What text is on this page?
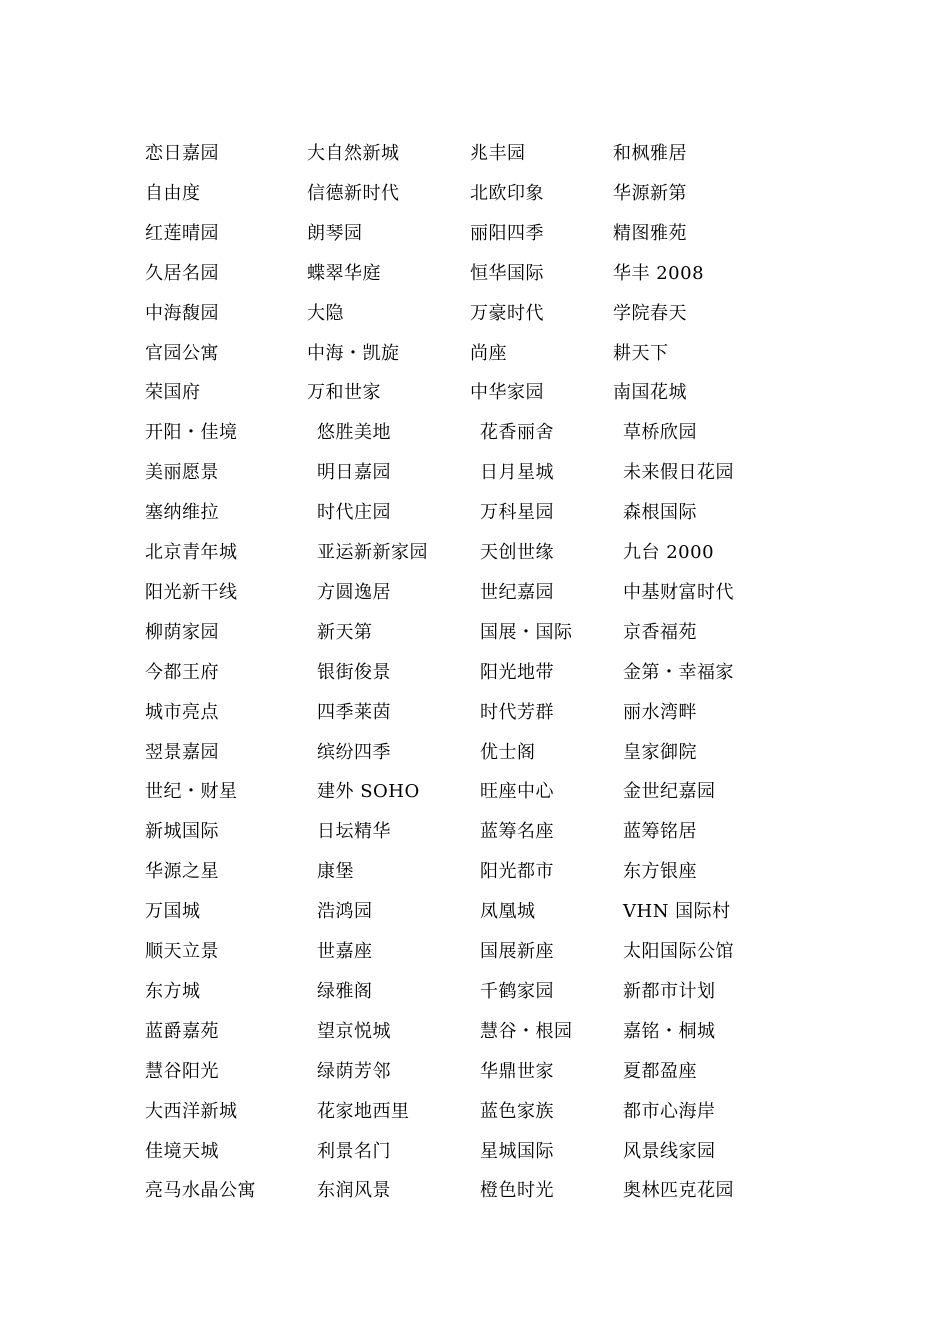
恋日嘉园	大自然新城	兆丰园	和枫雅居
自由度	信德新时代	北欧印象	华源新第
红莲晴园	朗琴园	丽阳四季	精图雅苑
久居名园	蝶翠华庭	恒华国际	华丰 2008
中海馥园	大隐	万豪时代	学院春天
官园公寓	中海・凯旋	尚座	耕天下
荣国府	万和世家	中华家园	南国花城
开阳・佳境	悠胜美地	花香丽舍	草桥欣园
美丽愿景	明日嘉园	日月星城	未来假日花园
塞纳维拉	时代庄园	万科星园	森根国际
北京青年城	亚运新新家园	天创世缘	九台 2000
阳光新干线	方圆逸居	世纪嘉园	中基财富时代
柳荫家园	新天第	国展・国际	京香福苑
今都王府	银街俊景	阳光地带	金第・幸福家
城市亮点	四季莱茵	时代芳群	丽水湾畔
翌景嘉园	缤纷四季	优士阁	皇家御院
世纪・财星	建外 SOHO	旺座中心	金世纪嘉园
新城国际	日坛精华	蓝筹名座	蓝筹铭居
华源之星	康堡	阳光都市	东方银座
万国城	浩鸿园	凤凰城	VHN 国际村
顺天立景	世嘉座	国展新座	太阳国际公馆
东方城	绿雅阁	千鹤家园	新都市计划
蓝爵嘉苑	望京悦城	慧谷・根园	嘉铭・桐城
慧谷阳光	绿荫芳邻	华鼎世家	夏都盈座
大西洋新城	花家地西里	蓝色家族	都市心海岸
佳境天城	利景名门	星城国际	风景线家园
亮马水晶公寓	东润风景	橙色时光	奥林匹克花园
